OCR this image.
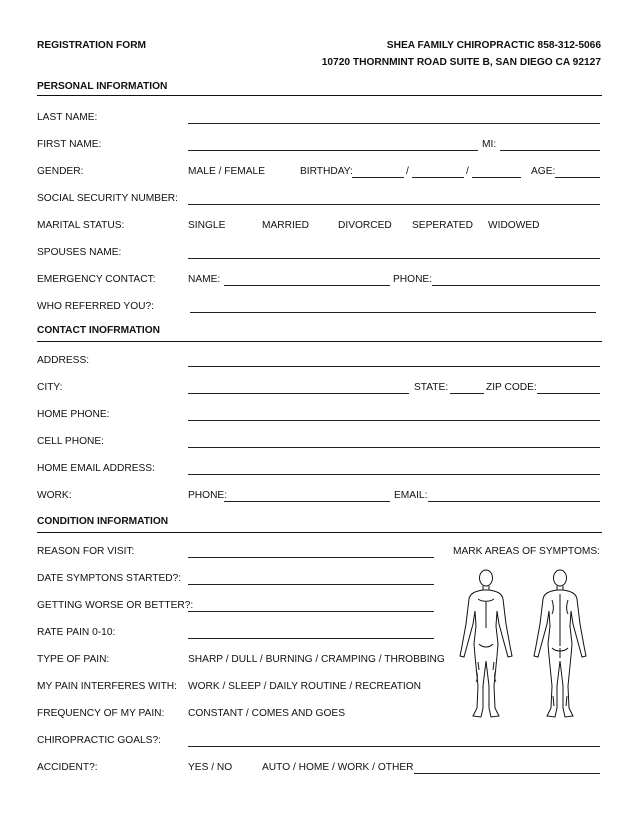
REGISTRATION FORM	SHEA FAMILY CHIROPRACTIC 858-312-5066
10720 THORNMINT ROAD SUITE B, SAN DIEGO CA 92127
PERSONAL INFORMATION
LAST NAME:
FIRST NAME:	MI:
GENDER:	MALE / FEMALE	BIRTHDAY:	/	/	AGE:
SOCIAL SECURITY NUMBER:
MARITAL STATUS:	SINGLE	MARRIED	DIVORCED SEPERATED WIDOWED
SPOUSES NAME:
EMERGENCY CONTACT:	NAME:	PHONE:
WHO REFERRED YOU?:
CONTACT INOFRMATION
ADDRESS:
CITY:	STATE:	ZIP CODE:
HOME PHONE:
CELL PHONE:
HOME EMAIL ADDRESS:
WORK:	PHONE:	EMAIL:
CONDITION INFORMATION
REASON FOR VISIT:	MARK AREAS OF SYMPTOMS:
DATE SYMPTONS STARTED?:
GETTING WORSE OR BETTER?:
RATE PAIN 0-10:
TYPE OF PAIN:	SHARP / DULL / BURNING / CRAMPING / THROBBING
MY PAIN INTERFERES WITH: WORK / SLEEP / DAILY ROUTINE / RECREATION
FREQUENCY OF MY PAIN: CONSTANT / COMES AND GOES
CHIROPRACTIC GOALS?:
ACCIDENT?:	YES / NO	AUTO / HOME / WORK / OTHER
